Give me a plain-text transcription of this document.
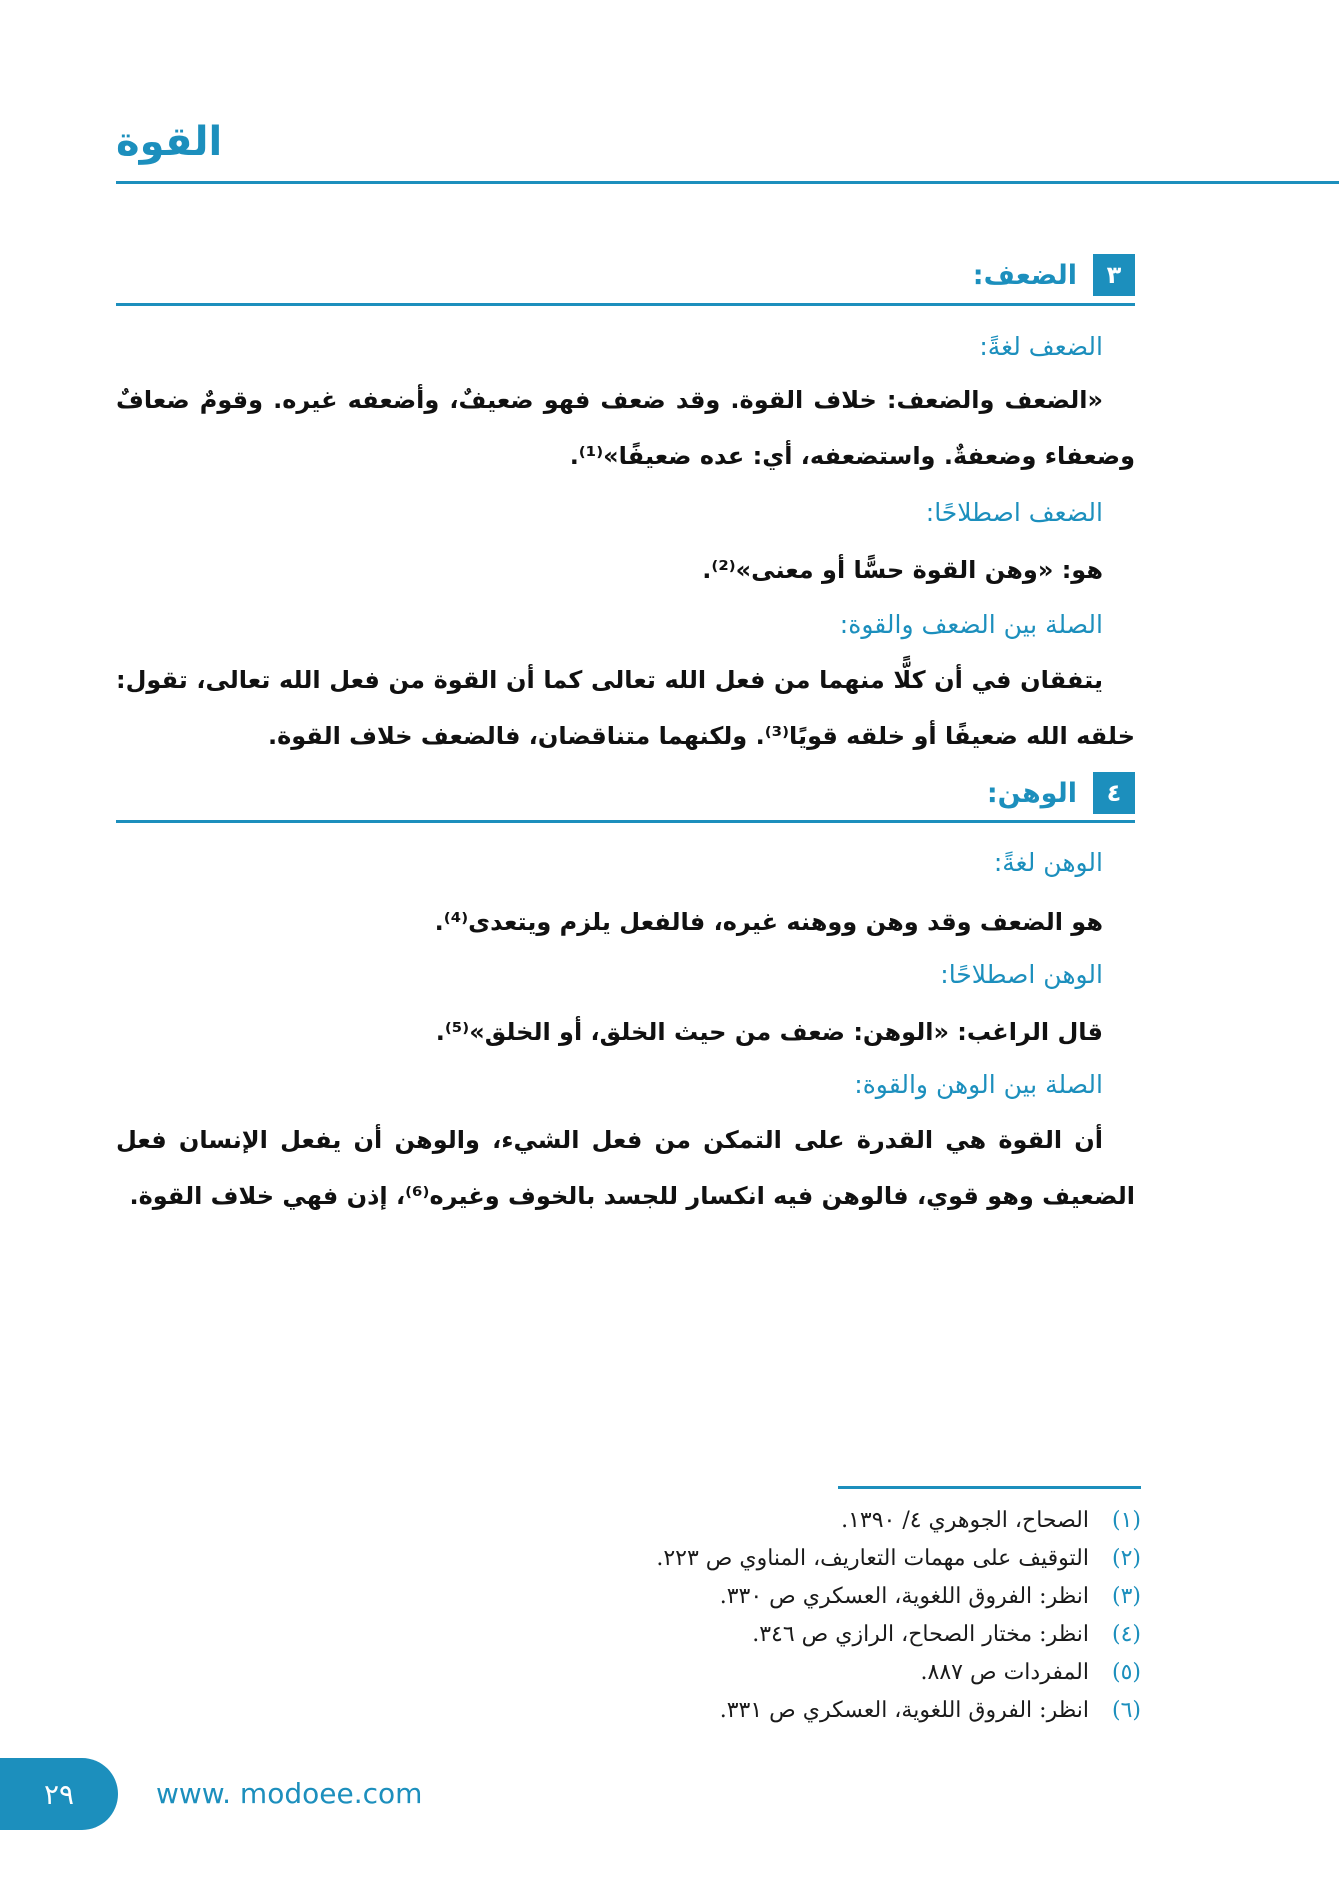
القوة
٣
الضعف:
الضعف لغةً:
«الضعف والضعف: خلاف القوة. وقد ضعف فهو ضعيفٌ، وأضعفه غيره. وقومٌ ضعافٌ وضعفاء وضعفةٌ. واستضعفه، أي: عده ضعيفًا»⁽¹⁾.
الضعف اصطلاحًا:
هو: «وهن القوة حسًّا أو معنى»⁽²⁾.
الصلة بين الضعف والقوة:
يتفقان في أن كلًّا منهما من فعل الله تعالى كما أن القوة من فعل الله تعالى، تقول: خلقه الله ضعيفًا أو خلقه قويًا⁽³⁾. ولكنهما متناقضان، فالضعف خلاف القوة.
٤
الوهن:
الوهن لغةً:
هو الضعف وقد وهن ووهنه غيره، فالفعل يلزم ويتعدى⁽⁴⁾.
الوهن اصطلاحًا:
قال الراغب: «الوهن: ضعف من حيث الخلق، أو الخلق»⁽⁵⁾.
الصلة بين الوهن والقوة:
أن القوة هي القدرة على التمكن من فعل الشيء، والوهن أن يفعل الإنسان فعل الضعيف وهو قوي، فالوهن فيه انكسار للجسد بالخوف وغيره⁽⁶⁾، إذن فهي خلاف القوة.
(١)
الصحاح، الجوهري ٤/ ١٣٩٠.
(٢)
التوقيف على مهمات التعاريف، المناوي ص ٢٢٣.
(٣)
انظر: الفروق اللغوية، العسكري ص ٣٣٠.
(٤)
انظر: مختار الصحاح، الرازي ص ٣٤٦.
(٥)
المفردات ص ٨٨٧.
(٦)
انظر: الفروق اللغوية، العسكري ص ٣٣١.
٢٩	www. modoee.com
